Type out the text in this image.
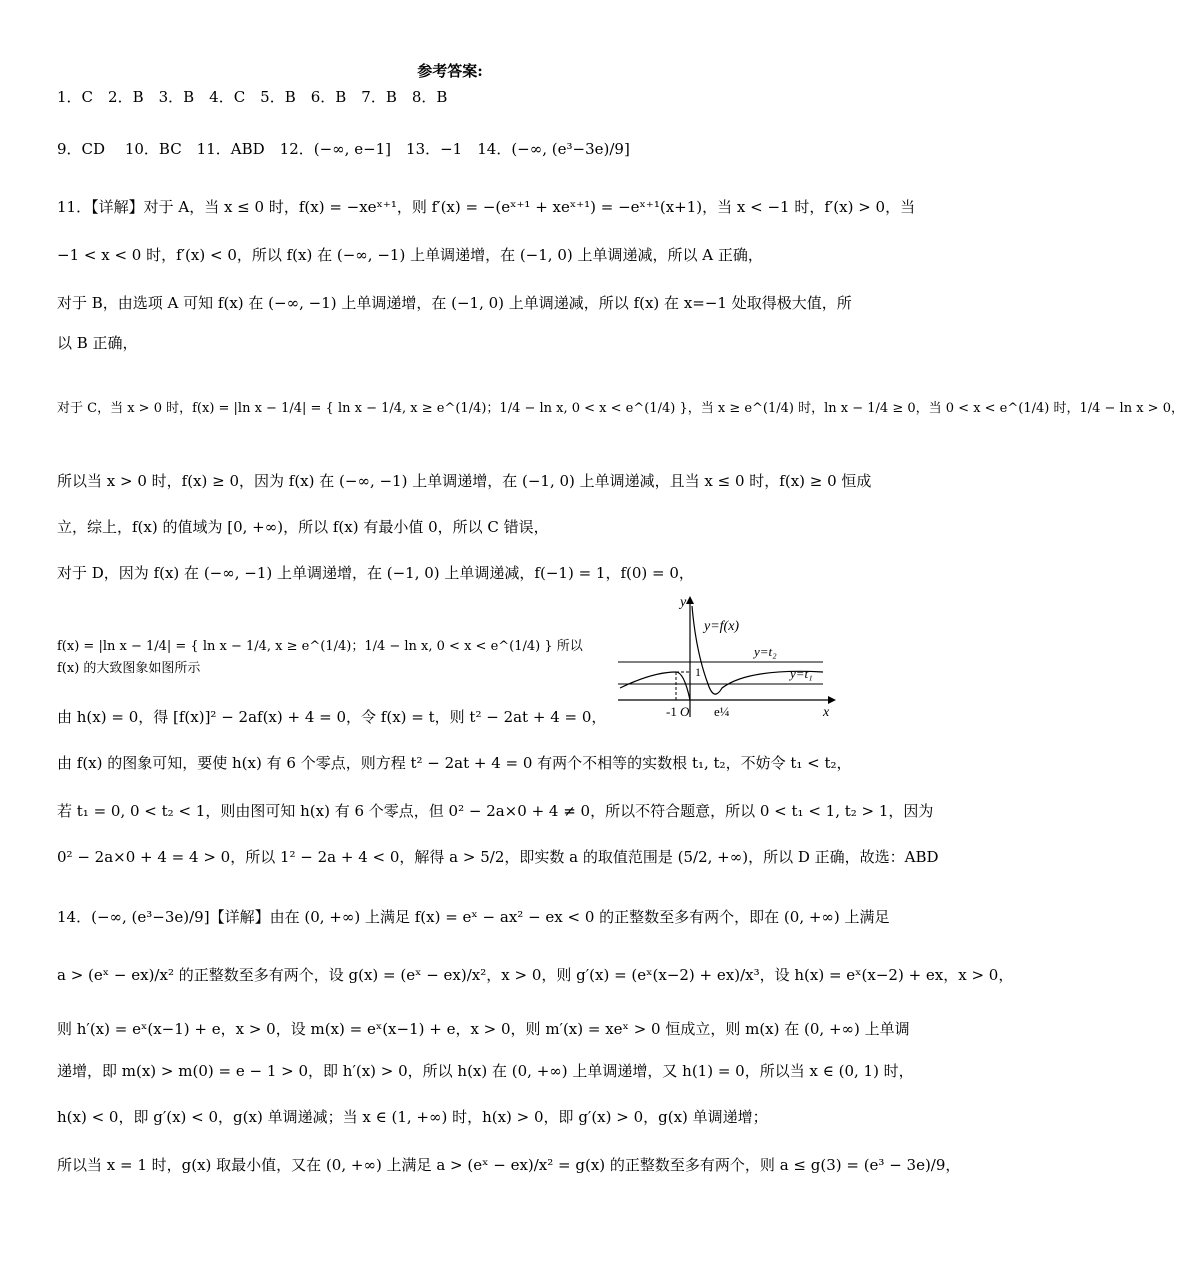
参考答案:
1．C　2．B　3．B　4．C　5．B　6．B　7．B　8．B
9．CD　 10．BC　11．ABD　12．(−∞, e−1]　13．−1　14．(−∞, (e³−3e)/9]
11．【详解】对于 A，当 x ≤ 0 时，f(x) = −xeˣ⁺¹，则 f′(x) = −(eˣ⁺¹ + xeˣ⁺¹) = −eˣ⁺¹(x+1)，当 x < −1 时，f′(x) > 0，当
−1 < x < 0 时，f′(x) < 0，所以 f(x) 在 (−∞, −1) 上单调递增，在 (−1, 0) 上单调递减，所以 A 正确，
对于 B，由选项 A 可知 f(x) 在 (−∞, −1) 上单调递增，在 (−1, 0) 上单调递减，所以 f(x) 在 x=−1 处取得极大值，所
以 B 正确，
对于 C，当 x > 0 时，f(x) = |ln x − 1/4| = { ln x − 1/4, x ≥ e^(1/4)；1/4 − ln x, 0 < x < e^(1/4) }，当 x ≥ e^(1/4) 时，ln x − 1/4 ≥ 0，当 0 < x < e^(1/4) 时，1/4 − ln x > 0，
所以当 x > 0 时，f(x) ≥ 0，因为 f(x) 在 (−∞, −1) 上单调递增，在 (−1, 0) 上单调递减，且当 x ≤ 0 时，f(x) ≥ 0 恒成
立，综上，f(x) 的值域为 [0, +∞)，所以 f(x) 有最小值 0，所以 C 错误，
对于 D，因为 f(x) 在 (−∞, −1) 上单调递增，在 (−1, 0) 上单调递减，f(−1) = 1，f(0) = 0，
f(x) = |ln x − 1/4| = { ln x − 1/4, x ≥ e^(1/4)；1/4 − ln x, 0 < x < e^(1/4) } 所以 f(x) 的大致图象如图所示
由 h(x) = 0，得 [f(x)]² − 2af(x) + 4 = 0，令 f(x) = t，则 t² − 2at + 4 = 0，
由 f(x) 的图象可知，要使 h(x) 有 6 个零点，则方程 t² − 2at + 4 = 0 有两个不相等的实数根 t₁, t₂，不妨令 t₁ < t₂，
若 t₁ = 0, 0 < t₂ < 1，则由图可知 h(x) 有 6 个零点，但 0² − 2a×0 + 4 ≠ 0，所以不符合题意，所以 0 < t₁ < 1, t₂ > 1，因为
0² − 2a×0 + 4 = 4 > 0，所以 1² − 2a + 4 < 0，解得 a > 5/2，即实数 a 的取值范围是 (5/2, +∞)，所以 D 正确，故选：ABD
14．(−∞, (e³−3e)/9]【详解】由在 (0, +∞) 上满足 f(x) = eˣ − ax² − ex < 0 的正整数至多有两个，即在 (0, +∞) 上满足
a > (eˣ − ex)/x² 的正整数至多有两个，设 g(x) = (eˣ − ex)/x²，x > 0，则 g′(x) = (eˣ(x−2) + ex)/x³，设 h(x) = eˣ(x−2) + ex，x > 0，
则 h′(x) = eˣ(x−1) + e，x > 0，设 m(x) = eˣ(x−1) + e，x > 0，则 m′(x) = xeˣ > 0 恒成立，则 m(x) 在 (0, +∞) 上单调
递增，即 m(x) > m(0) = e − 1 > 0，即 h′(x) > 0，所以 h(x) 在 (0, +∞) 上单调递增，又 h(1) = 0，所以当 x ∈ (0, 1) 时，
h(x) < 0，即 g′(x) < 0，g(x) 单调递减；当 x ∈ (1, +∞) 时，h(x) > 0，即 g′(x) > 0，g(x) 单调递增；
所以当 x = 1 时，g(x) 取最小值，又在 (0, +∞) 上满足 a > (eˣ − ex)/x² = g(x) 的正整数至多有两个，则 a ≤ g(3) = (e³ − 3e)/9，
y
x
y=f(x)
y=t₂
y=t₁
1
-1 O e¼
